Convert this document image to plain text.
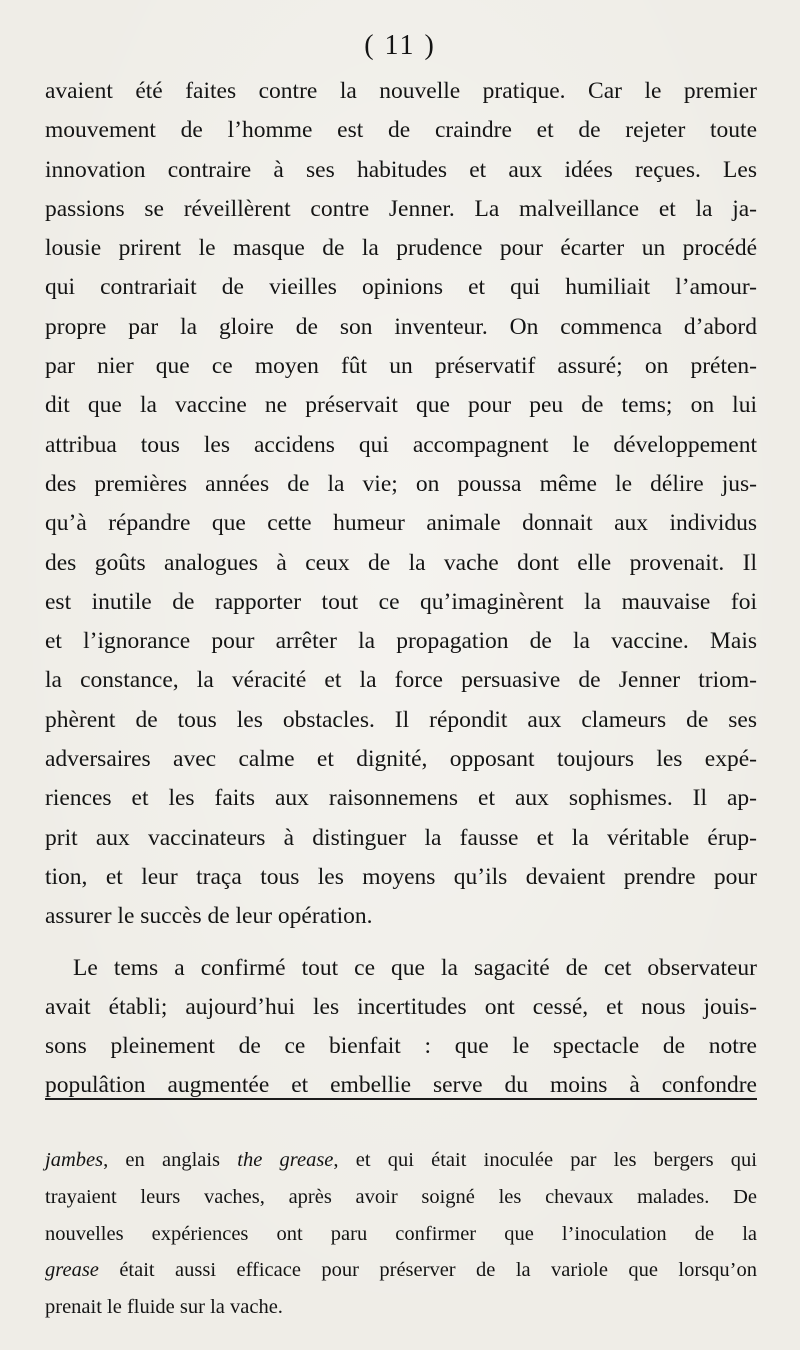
( 11 )
avaient été faites contre la nouvelle pratique. Car le premier
mouvement de l’homme est de craindre et de rejeter toute
innovation contraire à ses habitudes et aux idées reçues. Les
passions se réveillèrent contre Jenner. La malveillance et la ja-
lousie prirent le masque de la prudence pour écarter un procédé
qui contrariait de vieilles opinions et qui humiliait l’amour-
propre par la gloire de son inventeur. On commenca d’abord
par nier que ce moyen fût un préservatif assuré; on préten-
dit que la vaccine ne préservait que pour peu de tems; on lui
attribua tous les accidens qui accompagnent le développement
des premières années de la vie; on poussa même le délire jus-
qu’à répandre que cette humeur animale donnait aux individus
des goûts analogues à ceux de la vache dont elle provenait. Il
est inutile de rapporter tout ce qu’imaginèrent la mauvaise foi
et l’ignorance pour arrêter la propagation de la vaccine. Mais
la constance, la véracité et la force persuasive de Jenner triom-
phèrent de tous les obstacles. Il répondit aux clameurs de ses
adversaires avec calme et dignité, opposant toujours les expé-
riences et les faits aux raisonnemens et aux sophismes. Il ap-
prit aux vaccinateurs à distinguer la fausse et la véritable érup-
tion, et leur traça tous les moyens qu’ils devaient prendre pour
assurer le succès de leur opération.
Le tems a confirmé tout ce que la sagacité de cet observateur
avait établi; aujourd’hui les incertitudes ont cessé, et nous jouis-
sons pleinement de ce bienfait : que le spectacle de notre
populâtion augmentée et embellie serve du moins à confondre
jambes, en anglais the grease, et qui était inoculée par les bergers qui
trayaient leurs vaches, après avoir soigné les chevaux malades. De
nouvelles expériences ont paru confirmer que l’inoculation de la
grease était aussi efficace pour préserver de la variole que lorsqu’on
prenait le fluide sur la vache.
